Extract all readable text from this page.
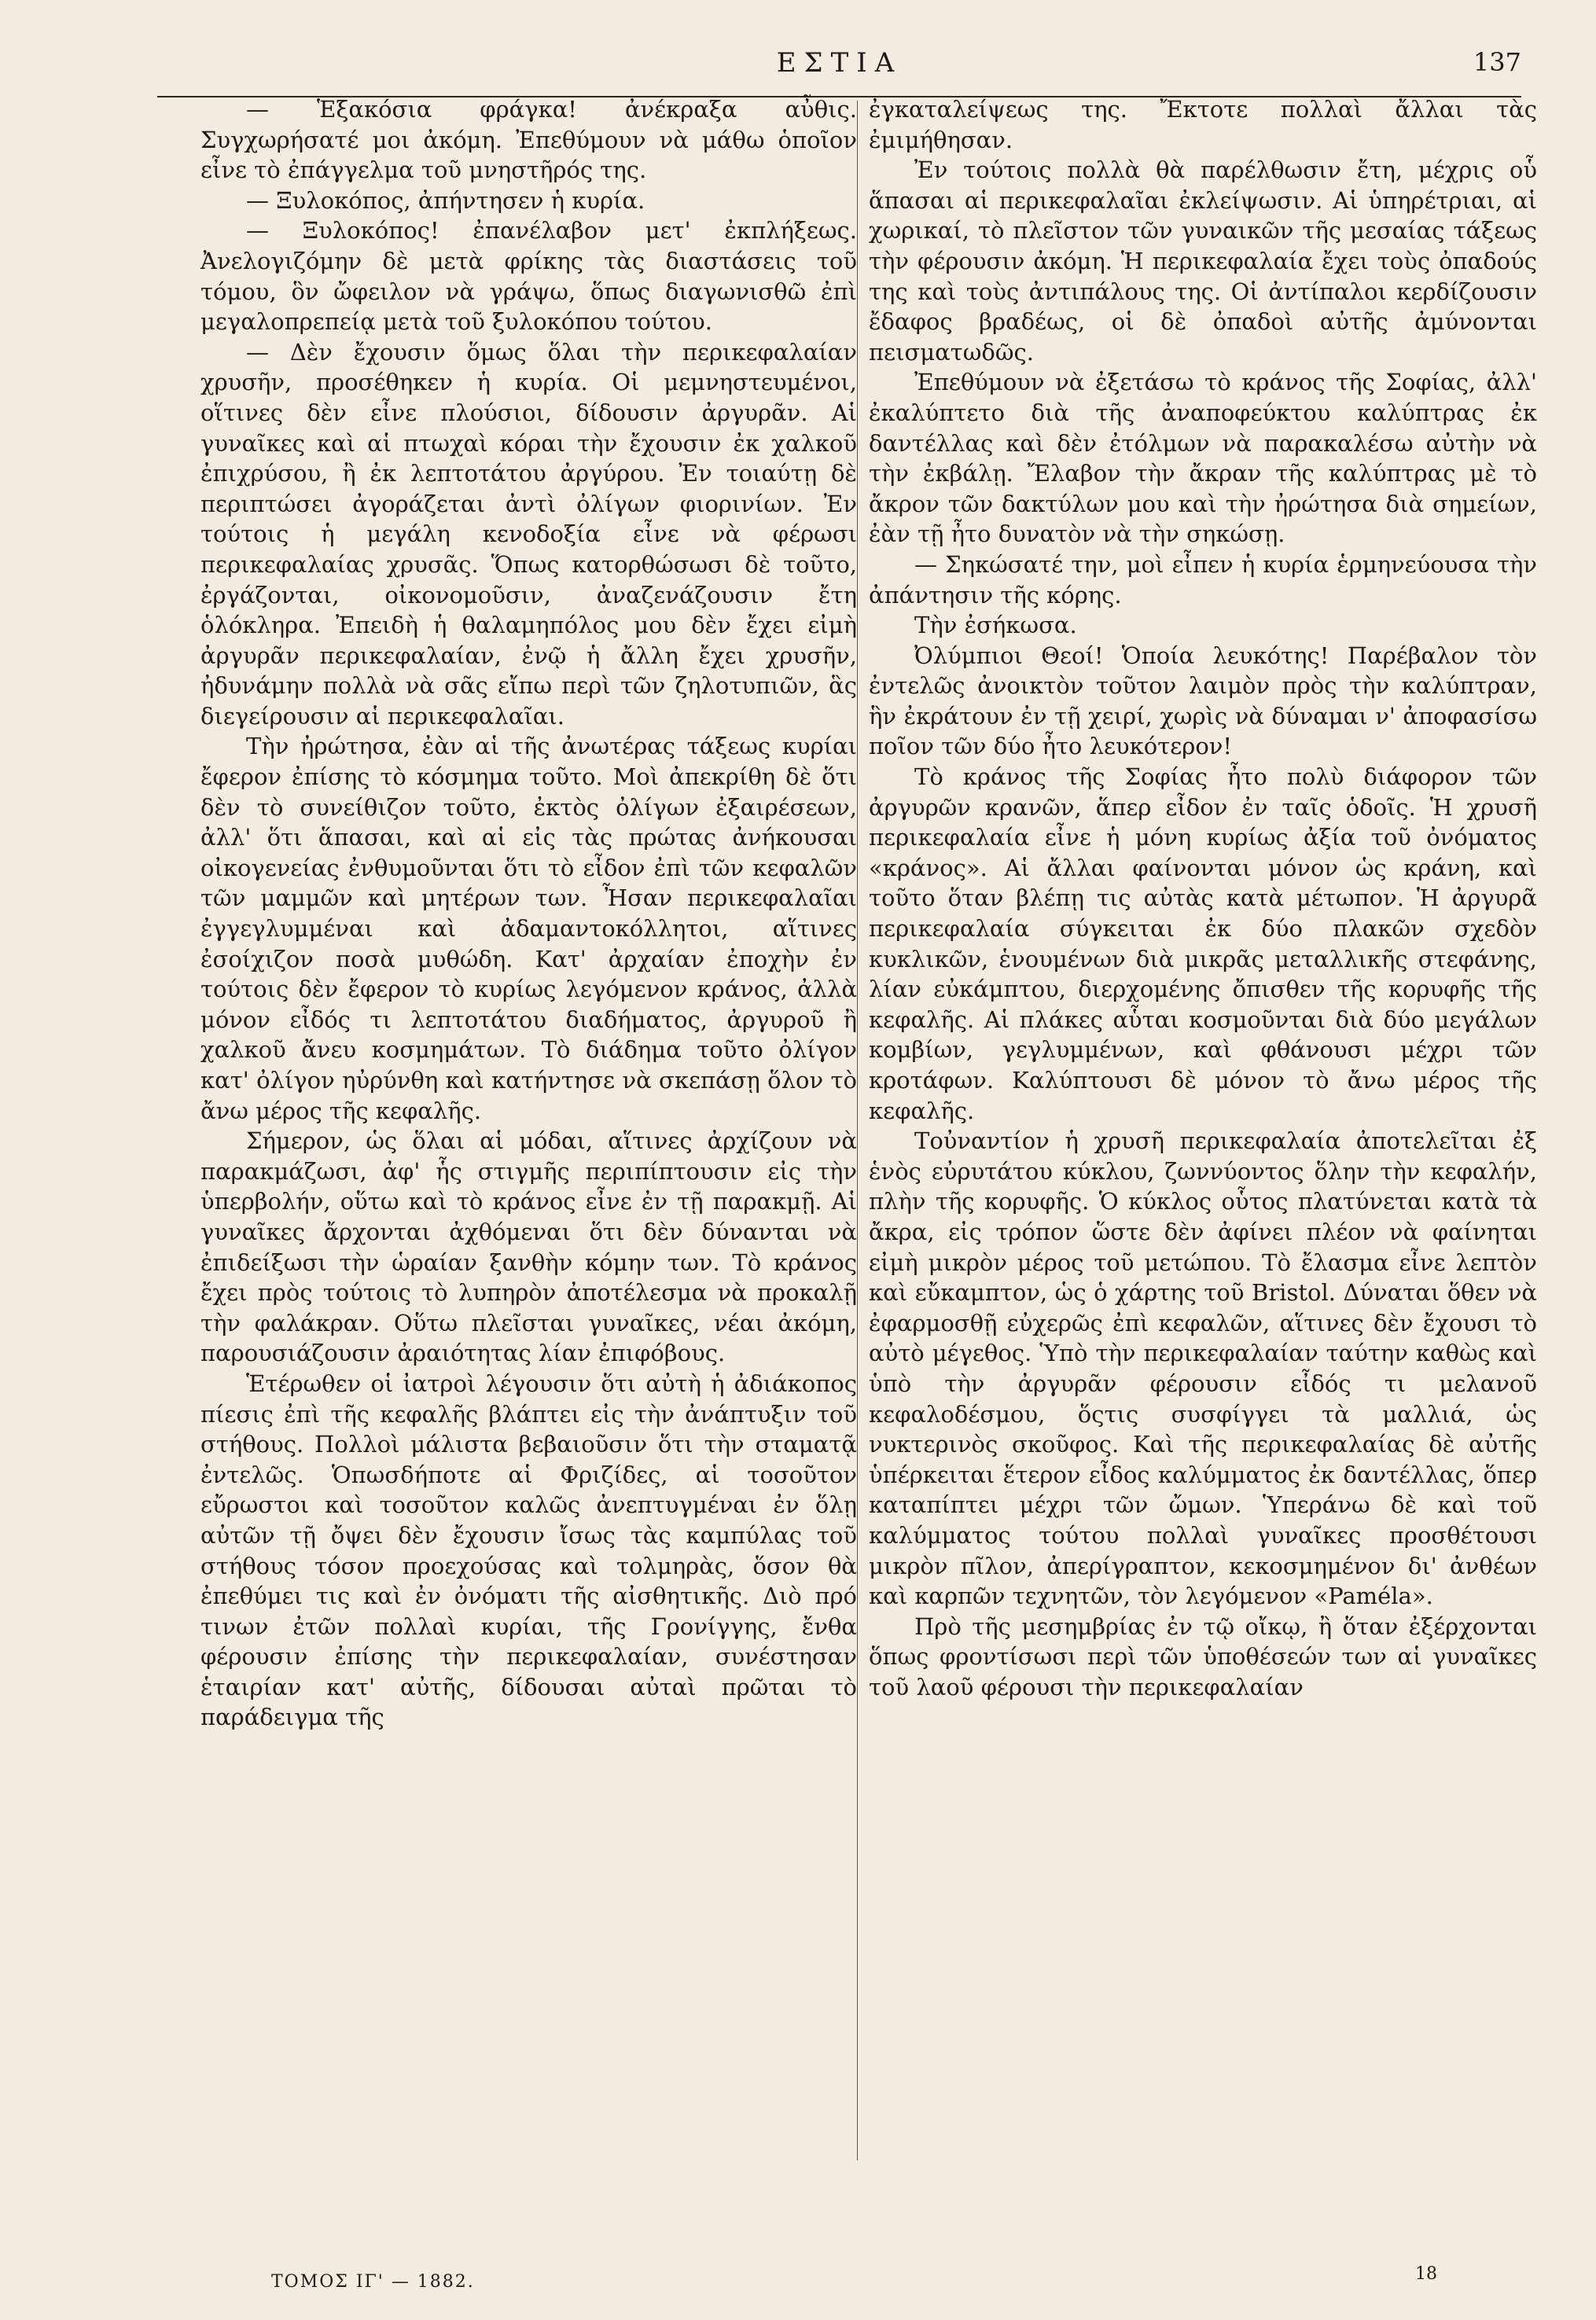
ΕΣΤΙΑ	137

— Ἑξακόσια φράγκα! ἀνέκραξα αὖθις. Συγχωρήσατέ μοι ἀκόμη. Ἐπεθύμουν νὰ μάθω ὁποῖον εἶνε τὸ ἐπάγγελμα τοῦ μνηστῆρός της.

— Ξυλοκόπος, ἀπήντησεν ἡ κυρία.

— Ξυλοκόπος! ἐπανέλαβον μετ' ἐκπλήξεως. Ἀνελογιζόμην δὲ μετὰ φρίκης τὰς διαστάσεις τοῦ τόμου, ὃν ὤφειλον νὰ γράψω, ὅπως διαγωνισθῶ ἐπὶ μεγαλοπρεπείᾳ μετὰ τοῦ ξυλοκόπου τούτου.

— Δὲν ἔχουσιν ὅμως ὅλαι τὴν περικεφαλαίαν χρυσῆν, προσέθηκεν ἡ κυρία. Οἱ μεμνηστευμένοι, οἵτινες δὲν εἶνε πλούσιοι, δίδουσιν ἀργυρᾶν. Αἱ γυναῖκες καὶ αἱ πτωχαὶ κόραι τὴν ἔχουσιν ἐκ χαλκοῦ ἐπιχρύσου, ἢ ἐκ λεπτοτάτου ἀργύρου. Ἐν τοιαύτῃ δὲ περιπτώσει ἀγοράζεται ἀντὶ ὀλίγων φιορινίων. Ἐν τούτοις ἡ μεγάλη κενοδοξία εἶνε νὰ φέρωσι περικεφαλαίας χρυσᾶς. Ὅπως κατορθώσωσι δὲ τοῦτο, ἐργάζονται, οἰκονομοῦσιν, ἀναζενάζουσιν ἔτη ὁλόκληρα. Ἐπειδὴ ἡ θαλαμηπόλος μου δὲν ἔχει εἰμὴ ἀργυρᾶν περικεφαλαίαν, ἐνῷ ἡ ἄλλη ἔχει χρυσῆν, ἠδυνάμην πολλὰ νὰ σᾶς εἴπω περὶ τῶν ζηλοτυπιῶν, ἃς διεγείρουσιν αἱ περικεφαλαῖαι.

Τὴν ἠρώτησα, ἐὰν αἱ τῆς ἀνωτέρας τάξεως κυρίαι ἔφερον ἐπίσης τὸ κόσμημα τοῦτο. Μοὶ ἀπεκρίθη δὲ ὅτι δὲν τὸ συνείθιζον τοῦτο, ἐκτὸς ὀλίγων ἐξαιρέσεων, ἀλλ' ὅτι ἅπασαι, καὶ αἱ εἰς τὰς πρώτας ἀνήκουσαι οἰκογενείας ἐνθυμοῦνται ὅτι τὸ εἶδον ἐπὶ τῶν κεφαλῶν τῶν μαμμῶν καὶ μητέρων των. Ἦσαν περικεφαλαῖαι ἐγγεγλυμμέναι καὶ ἀδαμαντοκόλλητοι, αἵτινες ἐσοίχιζον ποσὰ μυθώδη. Κατ' ἀρχαίαν ἐποχὴν ἐν τούτοις δὲν ἔφερον τὸ κυρίως λεγόμενον κράνος, ἀλλὰ μόνον εἶδός τι λεπτοτάτου διαδήματος, ἀργυροῦ ἢ χαλκοῦ ἄνευ κοσμημάτων. Τὸ διάδημα τοῦτο ὀλίγον κατ' ὀλίγον ηὐρύνθη καὶ κατήντησε νὰ σκεπάσῃ ὅλον τὸ ἄνω μέρος τῆς κεφαλῆς.

Σήμερον, ὡς ὅλαι αἱ μόδαι, αἵτινες ἀρχίζουν νὰ παρακμάζωσι, ἀφ' ἧς στιγμῆς περιπίπτουσιν εἰς τὴν ὑπερβολήν, οὕτω καὶ τὸ κράνος εἶνε ἐν τῇ παρακμῇ. Αἱ γυναῖκες ἄρχονται ἀχθόμεναι ὅτι δὲν δύνανται νὰ ἐπιδείξωσι τὴν ὡραίαν ξανθὴν κόμην των. Τὸ κράνος ἔχει πρὸς τούτοις τὸ λυπηρὸν ἀποτέλεσμα νὰ προκαλῇ τὴν φαλάκραν. Οὕτω πλεῖσται γυναῖκες, νέαι ἀκόμη, παρουσιάζουσιν ἀραιότητας λίαν ἐπιφόβους.

Ἑτέρωθεν οἱ ἰατροὶ λέγουσιν ὅτι αὐτὴ ἡ ἀδιάκοπος πίεσις ἐπὶ τῆς κεφαλῆς βλάπτει εἰς τὴν ἀνάπτυξιν τοῦ στήθους. Πολλοὶ μάλιστα βεβαιοῦσιν ὅτι τὴν σταματᾷ ἐντελῶς. Ὁπωσδήποτε αἱ Φριζίδες, αἱ τοσοῦτον εὔρωστοι καὶ τοσοῦτον καλῶς ἀνεπτυγμέναι ἐν ὅλῃ αὐτῶν τῇ ὄψει δὲν ἔχουσιν ἴσως τὰς καμπύλας τοῦ στήθους τόσον προεχούσας καὶ τολμηρὰς, ὅσον θὰ ἐπεθύμει τις καὶ ἐν ὀνόματι τῆς αἰσθητικῆς. Διὸ πρό τινων ἐτῶν πολλαὶ κυρίαι, τῆς Γρονίγγης, ἔνθα φέρουσιν ἐπίσης τὴν περικεφαλαίαν, συνέστησαν ἑταιρίαν κατ' αὐτῆς, δίδουσαι αὐταὶ πρῶται τὸ παράδειγμα τῆς

ἐγκαταλείψεως της. Ἔκτοτε πολλαὶ ἄλλαι τὰς ἐμιμήθησαν.

Ἐν τούτοις πολλὰ θὰ παρέλθωσιν ἔτη, μέχρις οὗ ἅπασαι αἱ περικεφαλαῖαι ἐκλείψωσιν. Αἱ ὑπηρέτριαι, αἱ χωρικαί, τὸ πλεῖστον τῶν γυναικῶν τῆς μεσαίας τάξεως τὴν φέρουσιν ἀκόμη. Ἡ περικεφαλαία ἔχει τοὺς ὀπαδούς της καὶ τοὺς ἀντιπάλους της. Οἱ ἀντίπαλοι κερδίζουσιν ἔδαφος βραδέως, οἱ δὲ ὀπαδοὶ αὐτῆς ἀμύνονται πεισματωδῶς.

Ἐπεθύμουν νὰ ἐξετάσω τὸ κράνος τῆς Σοφίας, ἀλλ' ἐκαλύπτετο διὰ τῆς ἀναποφεύκτου καλύπτρας ἐκ δαντέλλας καὶ δὲν ἐτόλμων νὰ παρακαλέσω αὐτὴν νὰ τὴν ἐκβάλῃ. Ἔλαβον τὴν ἄκραν τῆς καλύπτρας μὲ τὸ ἄκρον τῶν δακτύλων μου καὶ τὴν ἠρώτησα διὰ σημείων, ἐὰν τῇ ἦτο δυνατὸν νὰ τὴν σηκώσῃ.

— Σηκώσατέ την, μοὶ εἶπεν ἡ κυρία ἑρμηνεύουσα τὴν ἀπάντησιν τῆς κόρης.

Τὴν ἐσήκωσα.

Ὀλύμπιοι Θεοί! Ὁποία λευκότης! Παρέβαλον τὸν ἐντελῶς ἀνοικτὸν τοῦτον λαιμὸν πρὸς τὴν καλύπτραν, ἣν ἐκράτουν ἐν τῇ χειρί, χωρὶς νὰ δύναμαι ν' ἀποφασίσω ποῖον τῶν δύο ἦτο λευκότερον!

Τὸ κράνος τῆς Σοφίας ἦτο πολὺ διάφορον τῶν ἀργυρῶν κρανῶν, ἅπερ εἶδον ἐν ταῖς ὁδοῖς. Ἡ χρυσῆ περικεφαλαία εἶνε ἡ μόνη κυρίως ἀξία τοῦ ὀνόματος «κράνος». Αἱ ἄλλαι φαίνονται μόνον ὡς κράνη, καὶ τοῦτο ὅταν βλέπῃ τις αὐτὰς κατὰ μέτωπον. Ἡ ἀργυρᾶ περικεφαλαία σύγκειται ἐκ δύο πλακῶν σχεδὸν κυκλικῶν, ἑνουμένων διὰ μικρᾶς μεταλλικῆς στεφάνης, λίαν εὐκάμπτου, διερχομένης ὄπισθεν τῆς κορυφῆς τῆς κεφαλῆς. Αἱ πλάκες αὗται κοσμοῦνται διὰ δύο μεγάλων κομβίων, γεγλυμμένων, καὶ φθάνουσι μέχρι τῶν κροτάφων. Καλύπτουσι δὲ μόνον τὸ ἄνω μέρος τῆς κεφαλῆς.

Τοὐναντίον ἡ χρυσῆ περικεφαλαία ἀποτελεῖται ἐξ ἑνὸς εὐρυτάτου κύκλου, ζωννύοντος ὅλην τὴν κεφαλήν, πλὴν τῆς κορυφῆς. Ὁ κύκλος οὗτος πλατύνεται κατὰ τὰ ἄκρα, εἰς τρόπον ὥστε δὲν ἀφίνει πλέον νὰ φαίνηται εἰμὴ μικρὸν μέρος τοῦ μετώπου. Τὸ ἔλασμα εἶνε λεπτὸν καὶ εὔκαμπτον, ὡς ὁ χάρτης τοῦ Bristol. Δύναται ὅθεν νὰ ἐφαρμοσθῇ εὐχερῶς ἐπὶ κεφαλῶν, αἵτινες δὲν ἔχουσι τὸ αὐτὸ μέγεθος. Ὑπὸ τὴν περικεφαλαίαν ταύτην καθὼς καὶ ὑπὸ τὴν ἀργυρᾶν φέρουσιν εἶδός τι μελανοῦ κεφαλοδέσμου, ὅςτις συσφίγγει τὰ μαλλιά, ὡς νυκτερινὸς σκοῦφος. Καὶ τῆς περικεφαλαίας δὲ αὐτῆς ὑπέρκειται ἕτερον εἶδος καλύμματος ἐκ δαντέλλας, ὅπερ καταπίπτει μέχρι τῶν ὤμων. Ὑπεράνω δὲ καὶ τοῦ καλύμματος τούτου πολλαὶ γυναῖκες προσθέτουσι μικρὸν πῖλον, ἀπερίγραπτον, κεκοσμημένον δι' ἀνθέων καὶ καρπῶν τεχνητῶν, τὸν λεγόμενον «Paméla».

Πρὸ τῆς μεσημβρίας ἐν τῷ οἴκῳ, ἢ ὅταν ἐξέρχονται ὅπως φροντίσωσι περὶ τῶν ὑποθέσεών των αἱ γυναῖκες τοῦ λαοῦ φέρουσι τὴν περικεφαλαίαν

ΤΟΜΟΣ ΙΓ' — 1882.	18
